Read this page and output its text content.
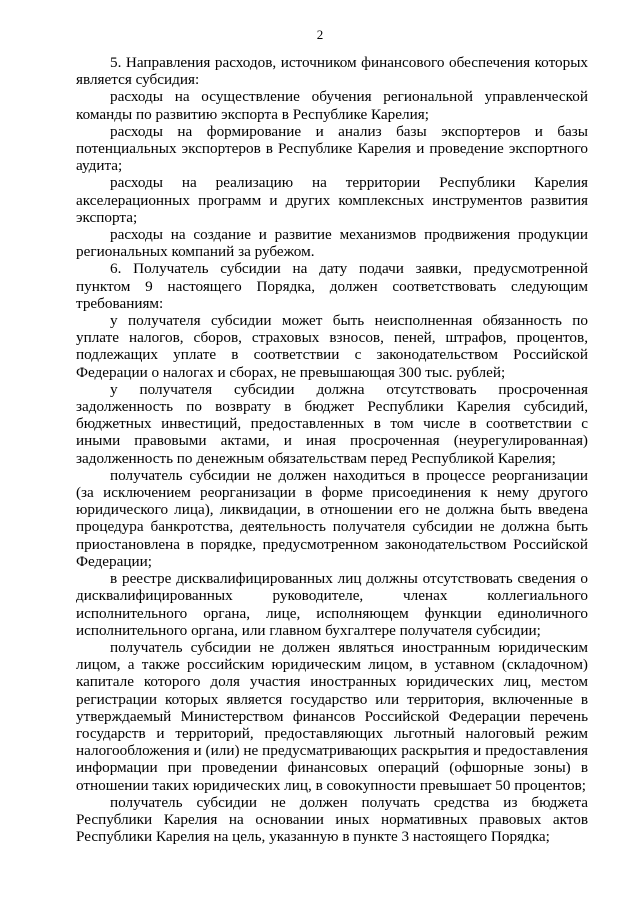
2

5. Направления расходов, источником финансового обеспечения которых является субсидия:

расходы на осуществление обучения региональной управленческой команды по развитию экспорта в Республике Карелия;

расходы на формирование и анализ базы экспортеров и базы потенциальных экспортеров в Республике Карелия и проведение экспортного аудита;

расходы на реализацию на территории Республики Карелия акселерационных программ и других комплексных инструментов развития экспорта;

расходы на создание и развитие механизмов продвижения продукции региональных компаний за рубежом.

6. Получатель субсидии на дату подачи заявки, предусмотренной пунктом 9 настоящего Порядка, должен соответствовать следующим требованиям:

у получателя субсидии может быть неисполненная обязанность по уплате налогов, сборов, страховых взносов, пеней, штрафов, процентов, подлежащих уплате в соответствии с законодательством Российской Федерации о налогах и сборах, не превышающая 300 тыс. рублей;

у получателя субсидии должна отсутствовать просроченная задолженность по возврату в бюджет Республики Карелия субсидий, бюджетных инвестиций, предоставленных в том числе в соответствии с иными правовыми актами, и иная просроченная (неурегулированная) задолженность по денежным обязательствам перед Республикой Карелия;

получатель субсидии не должен находиться в процессе реорганизации (за исключением реорганизации в форме присоединения к нему другого юридического лица), ликвидации, в отношении его не должна быть введена процедура банкротства, деятельность получателя субсидии не должна быть приостановлена в порядке, предусмотренном законодательством Российской Федерации;

в реестре дисквалифицированных лиц должны отсутствовать сведения о дисквалифицированных руководителе, членах коллегиального исполнительного органа, лице, исполняющем функции единоличного исполнительного органа, или главном бухгалтере получателя субсидии;

получатель субсидии не должен являться иностранным юридическим лицом, а также российским юридическим лицом, в уставном (складочном) капитале которого доля участия иностранных юридических лиц, местом регистрации которых является государство или территория, включенные в утверждаемый Министерством финансов Российской Федерации перечень государств и территорий, предоставляющих льготный налоговый режим налогообложения и (или) не предусматривающих раскрытия и предоставления информации при проведении финансовых операций (офшорные зоны) в отношении таких юридических лиц, в совокупности превышает 50 процентов;

получатель субсидии не должен получать средства из бюджета Республики Карелия на основании иных нормативных правовых актов Республики Карелия на цель, указанную в пункте 3 настоящего Порядка;
